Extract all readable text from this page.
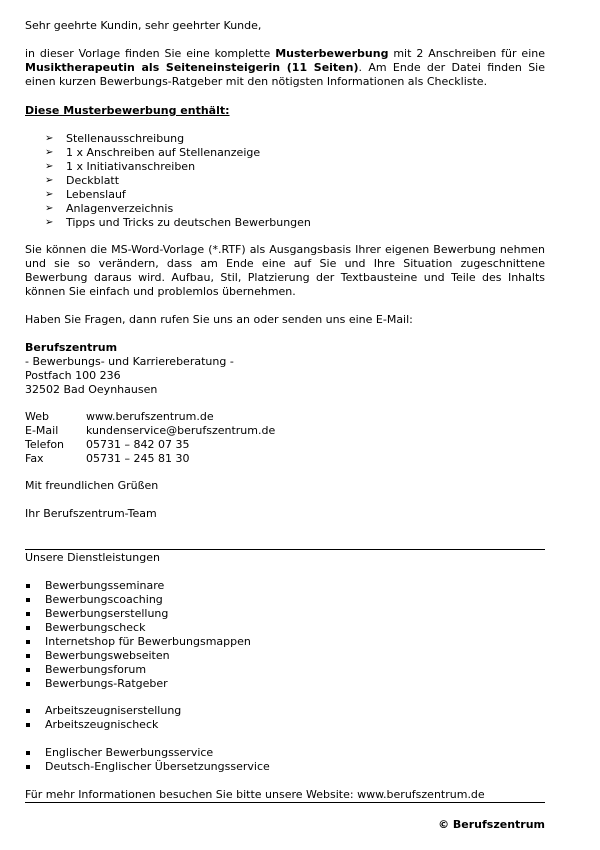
Sehr geehrte Kundin, sehr geehrter Kunde,

in dieser Vorlage finden Sie eine komplette Musterbewerbung mit 2 Anschreiben für eine Musiktherapeutin als Seiteneinsteigerin (11 Seiten). Am Ende der Datei finden Sie einen kurzen Bewerbungs-Ratgeber mit den nötigsten Informationen als Checkliste.

Diese Musterbewerbung enthält:

➢ Stellenausschreibung
➢ 1 x Anschreiben auf Stellenanzeige
➢ 1 x Initiativanschreiben
➢ Deckblatt
➢ Lebenslauf
➢ Anlagenverzeichnis
➢ Tipps und Tricks zu deutschen Bewerbungen

Sie können die MS-Word-Vorlage (*.RTF) als Ausgangsbasis Ihrer eigenen Bewerbung nehmen und sie so verändern, dass am Ende eine auf Sie und Ihre Situation zugeschnittene Bewerbung daraus wird. Aufbau, Stil, Platzierung der Textbausteine und Teile des Inhalts können Sie einfach und problemlos übernehmen.

Haben Sie Fragen, dann rufen Sie uns an oder senden uns eine E-Mail:

Berufszentrum

- Bewerbungs- und Karriereberatung -

Postfach 100 236

32502 Bad Oeynhausen

Web	www.berufszentrum.de
E-Mail	kundenservice@berufszentrum.de
Telefon 05731 – 842 07 35
Fax	05731 – 245 81 30

Mit freundlichen Grüßen

Ihr Berufszentrum-Team

Unsere Dienstleistungen

Bewerbungsseminare
Bewerbungscoaching
Bewerbungserstellung
Bewerbungscheck
Internetshop für Bewerbungsmappen
Bewerbungswebseiten
Bewerbungsforum
Bewerbungs-Ratgeber
Arbeitszeugniserstellung
Arbeitszeugnischeck
Englischer Bewerbungsservice
Deutsch-Englischer Übersetzungsservice

Für mehr Informationen besuchen Sie bitte unsere Website: www.berufszentrum.de

© Berufszentrum
